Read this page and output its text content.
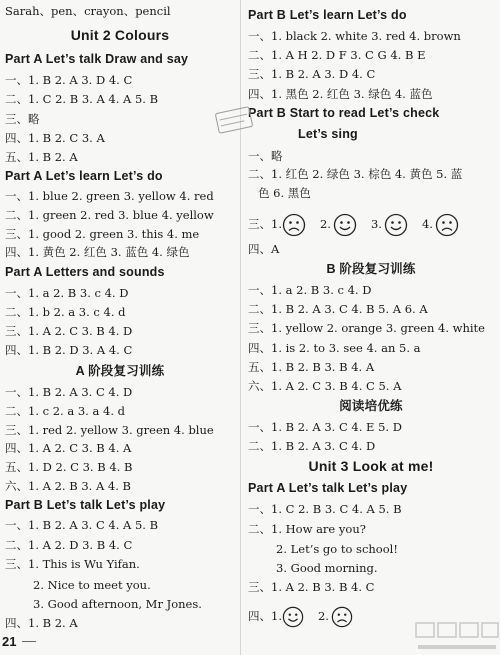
Sarah、pen、crayon、pencil
Unit 2 Colours
Part A Let’s talk Draw and say
一、1. B 2. A 3. D 4. C
二、1. C 2. B 3. A 4. A 5. B
三、略
四、1. B 2. C 3. A
五、1. B 2. A
Part A Let’s learn Let’s do
一、1. blue 2. green 3. yellow 4. red
二、1. green 2. red 3. blue 4. yellow
三、1. good 2. green 3. this 4. me
四、1. 黄色 2. 红色 3. 蓝色 4. 绿色
Part A Letters and sounds
一、1. a 2. B 3. c 4. D
二、1. b 2. a 3. c 4. d
三、1. A 2. C 3. B 4. D
四、1. B 2. D 3. A 4. C
A 阶段复习训练
一、1. B 2. A 3. C 4. D
二、1. c 2. a 3. a 4. d
三、1. red 2. yellow 3. green 4. blue
四、1. A 2. C 3. B 4. A
五、1. D 2. C 3. B 4. B
六、1. A 2. B 3. A 4. B
Part B Let’s talk Let’s play
一、1. B 2. A 3. C 4. A 5. B
二、1. A 2. D 3. B 4. C
三、1. This is Wu Yifan.
2. Nice to meet you.
3. Good afternoon, Mr Jones.
四、1. B 2. A
Part B Let’s learn Let’s do
一、1. black 2. white 3. red 4. brown
二、1. A H 2. D F 3. C G 4. B E
三、1. B 2. A 3. D 4. C
四、1. 黑色 2. 红色 3. 绿色 4. 蓝色
Part B Start to read Let’s check
Let’s sing
一、略
二、1. 红色 2. 绿色 3. 棕色 4. 黄色 5. 蓝
色 6. 黑色
三、1.	2.	3.	4.
四、A
B 阶段复习训练
一、1. a 2. B 3. c 4. D
二、1. B 2. A 3. C 4. B 5. A 6. A
三、1. yellow 2. orange 3. green 4. white
四、1. is 2. to 3. see 4. an 5. a
五、1. B 2. B 3. B 4. A
六、1. A 2. C 3. B 4. C 5. A
阅读培优练
一、1. B 2. A 3. C 4. E 5. D
二、1. B 2. A 3. C 4. D
Unit 3 Look at me!
Part A Let’s talk Let’s play
一、1. C 2. B 3. C 4. A 5. B
二、1. How are you?
2. Let’s go to school!
3. Good morning.
三、1. A 2. B 3. B 4. C
四、1.	2.
21
